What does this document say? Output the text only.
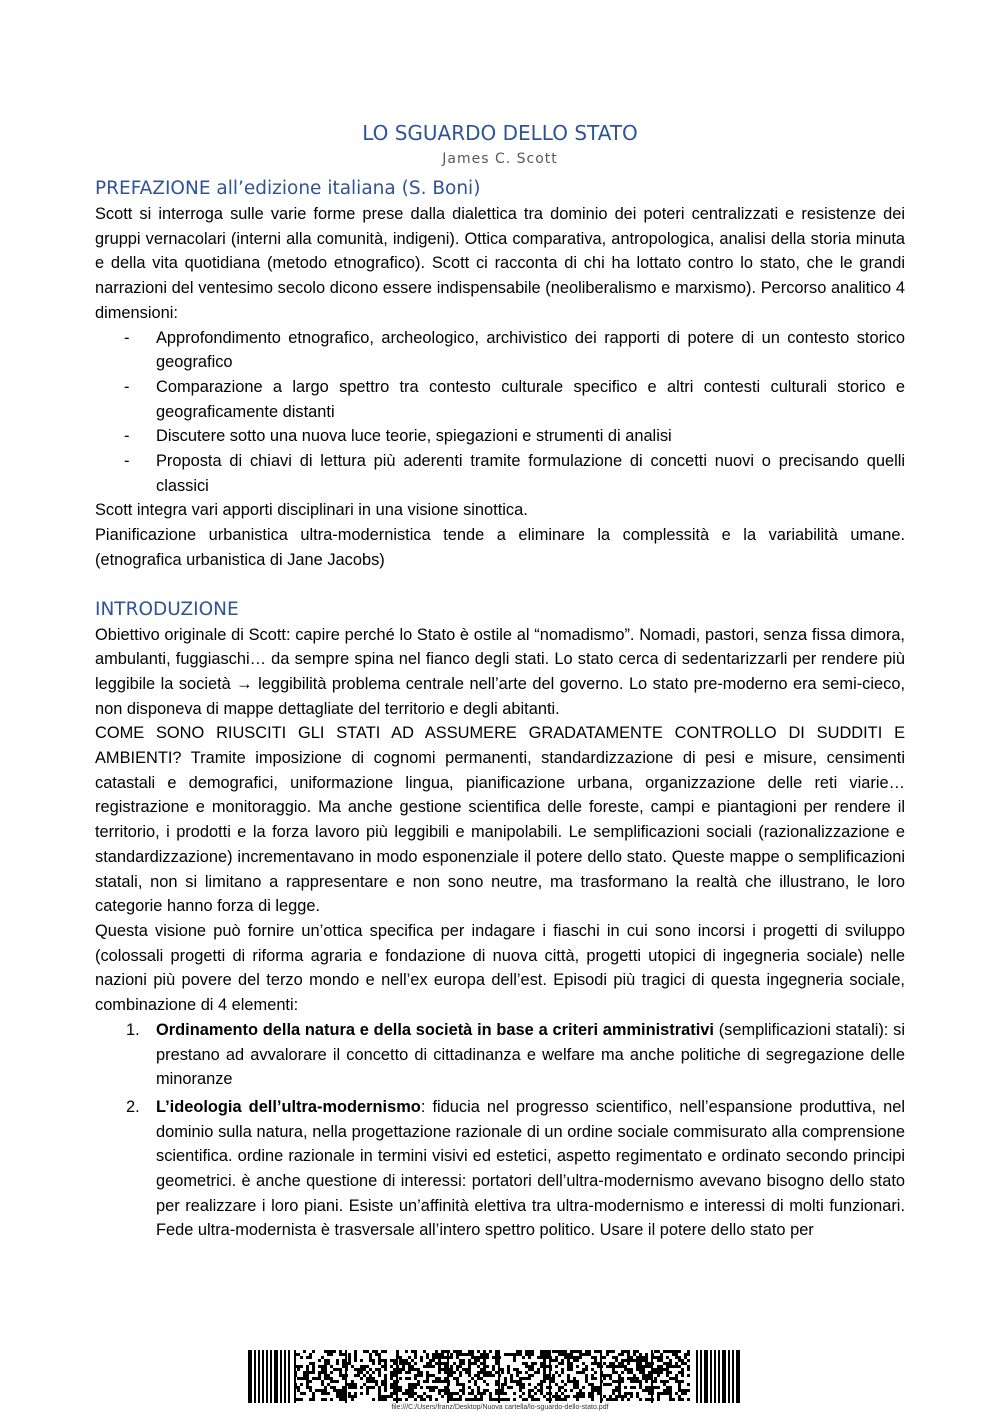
LO SGUARDO DELLO STATO
James C. Scott
PREFAZIONE all’edizione italiana (S. Boni)

Scott si interroga sulle varie forme prese dalla dialettica tra dominio dei poteri centralizzati e resistenze dei gruppi vernacolari (interni alla comunità, indigeni). Ottica comparativa, antropologica, analisi della storia minuta e della vita quotidiana (metodo etnografico). Scott ci racconta di chi ha lottato contro lo stato, che le grandi narrazioni del ventesimo secolo dicono essere indispensabile (neoliberalismo e marxismo). Percorso analitico 4 dimensioni:

- Approfondimento etnografico, archeologico, archivistico dei rapporti di potere di un contesto storico geografico
- Comparazione a largo spettro tra contesto culturale specifico e altri contesti culturali storico e geograficamente distanti
- Discutere sotto una nuova luce teorie, spiegazioni e strumenti di analisi
- Proposta di chiavi di lettura più aderenti tramite formulazione di concetti nuovi o precisando quelli classici

Scott integra vari apporti disciplinari in una visione sinottica.

Pianificazione urbanistica ultra-modernistica tende a eliminare la complessità e la variabilità umane. (etnografica urbanistica di Jane Jacobs)

INTRODUZIONE

Obiettivo originale di Scott: capire perché lo Stato è ostile al “nomadismo”. Nomadi, pastori, senza fissa dimora, ambulanti, fuggiaschi… da sempre spina nel fianco degli stati. Lo stato cerca di sedentarizzarli per rendere più leggibile la società → leggibilità problema centrale nell’arte del governo. Lo stato pre-moderno era semi-cieco, non disponeva di mappe dettagliate del territorio e degli abitanti.

COME SONO RIUSCITI GLI STATI AD ASSUMERE GRADATAMENTE CONTROLLO DI SUDDITI E AMBIENTI? Tramite imposizione di cognomi permanenti, standardizzazione di pesi e misure, censimenti catastali e demografici, uniformazione lingua, pianificazione urbana, organizzazione delle reti viarie… registrazione e monitoraggio. Ma anche gestione scientifica delle foreste, campi e piantagioni per rendere il territorio, i prodotti e la forza lavoro più leggibili e manipolabili. Le semplificazioni sociali (razionalizzazione e standardizzazione) incrementavano in modo esponenziale il potere dello stato. Queste mappe o semplificazioni statali, non si limitano a rappresentare e non sono neutre, ma trasformano la realtà che illustrano, le loro categorie hanno forza di legge.

Questa visione può fornire un’ottica specifica per indagare i fiaschi in cui sono incorsi i progetti di sviluppo (colossali progetti di riforma agraria e fondazione di nuova città, progetti utopici di ingegneria sociale) nelle nazioni più povere del terzo mondo e nell’ex europa dell’est. Episodi più tragici di questa ingegneria sociale, combinazione di 4 elementi:

1. Ordinamento della natura e della società in base a criteri amministrativi (semplificazioni statali): si prestano ad avvalorare il concetto di cittadinanza e welfare ma anche politiche di segregazione delle minoranze
2. L’ideologia dell’ultra-modernismo: fiducia nel progresso scientifico, nell’espansione produttiva, nel dominio sulla natura, nella progettazione razionale di un ordine sociale commisurato alla comprensione scientifica. ordine razionale in termini visivi ed estetici, aspetto regimentato e ordinato secondo principi geometrici. è anche questione di interessi: portatori dell’ultra-modernismo avevano bisogno dello stato per realizzare i loro piani. Esiste un’affinità elettiva tra ultra-modernismo e interessi di molti funzionari. Fede ultra-modernista è trasversale all’intero spettro politico. Usare il potere dello stato per
file:///C:/Users/franz/Desktop/Nuova cartella/lo-sguardo-dello-stato.pdf
